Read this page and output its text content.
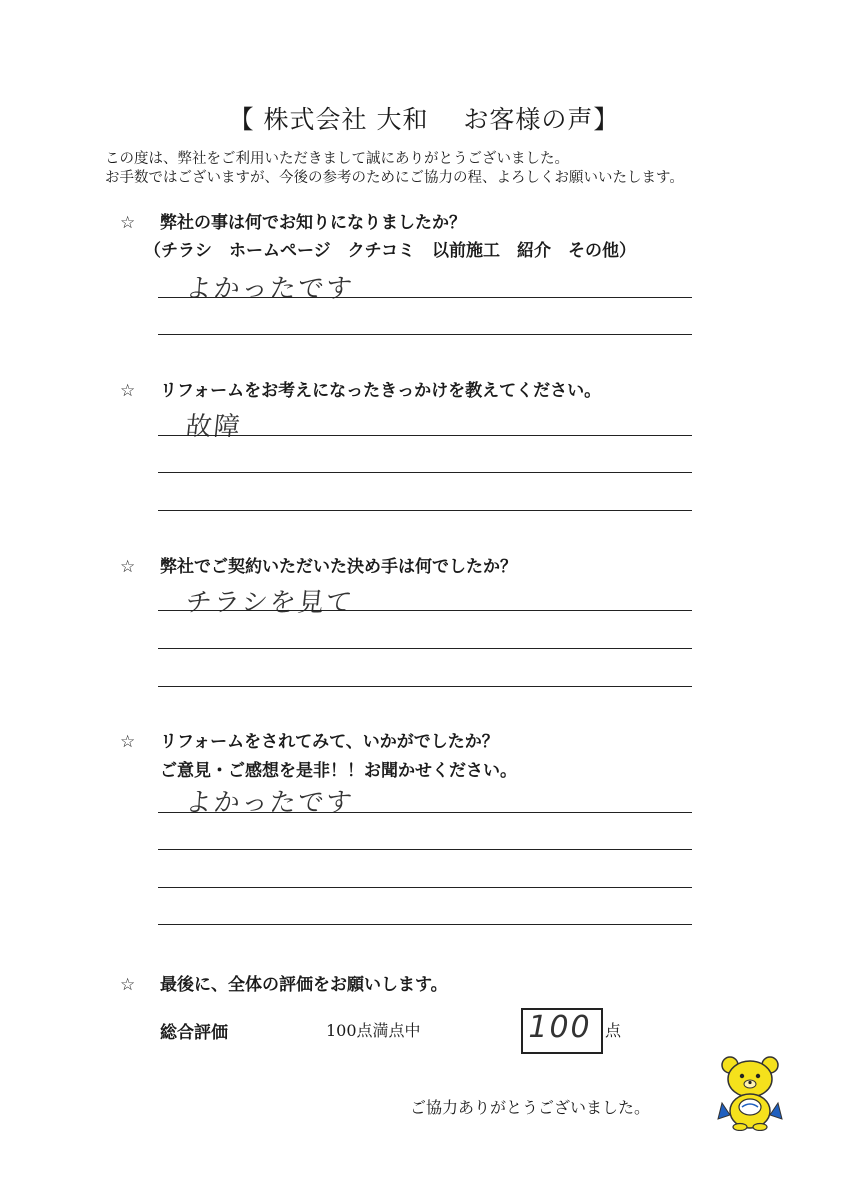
【 株式会社 大和　 お客様の声】
この度は、弊社をご利用いただきまして誠にありがとうございました。
お手数ではございますが、今後の参考のためにご協力の程、よろしくお願いいたします。
☆ 弊社の事は何でお知りになりましたか？
（チラシ　ホームページ　クチコミ　以前施工　紹介　その他）
よかったです
☆ リフォームをお考えになったきっかけを教えてください。
故障
☆ 弊社でご契約いただいた決め手は何でしたか？
チラシを見て
☆ リフォームをされてみて、いかがでしたか？
ご意見・ご感想を是非！！お聞かせください。
よかったです
☆ 最後に、全体の評価をお願いします。
総合評価	100点満点中	100 点
ご協力ありがとうございました。
